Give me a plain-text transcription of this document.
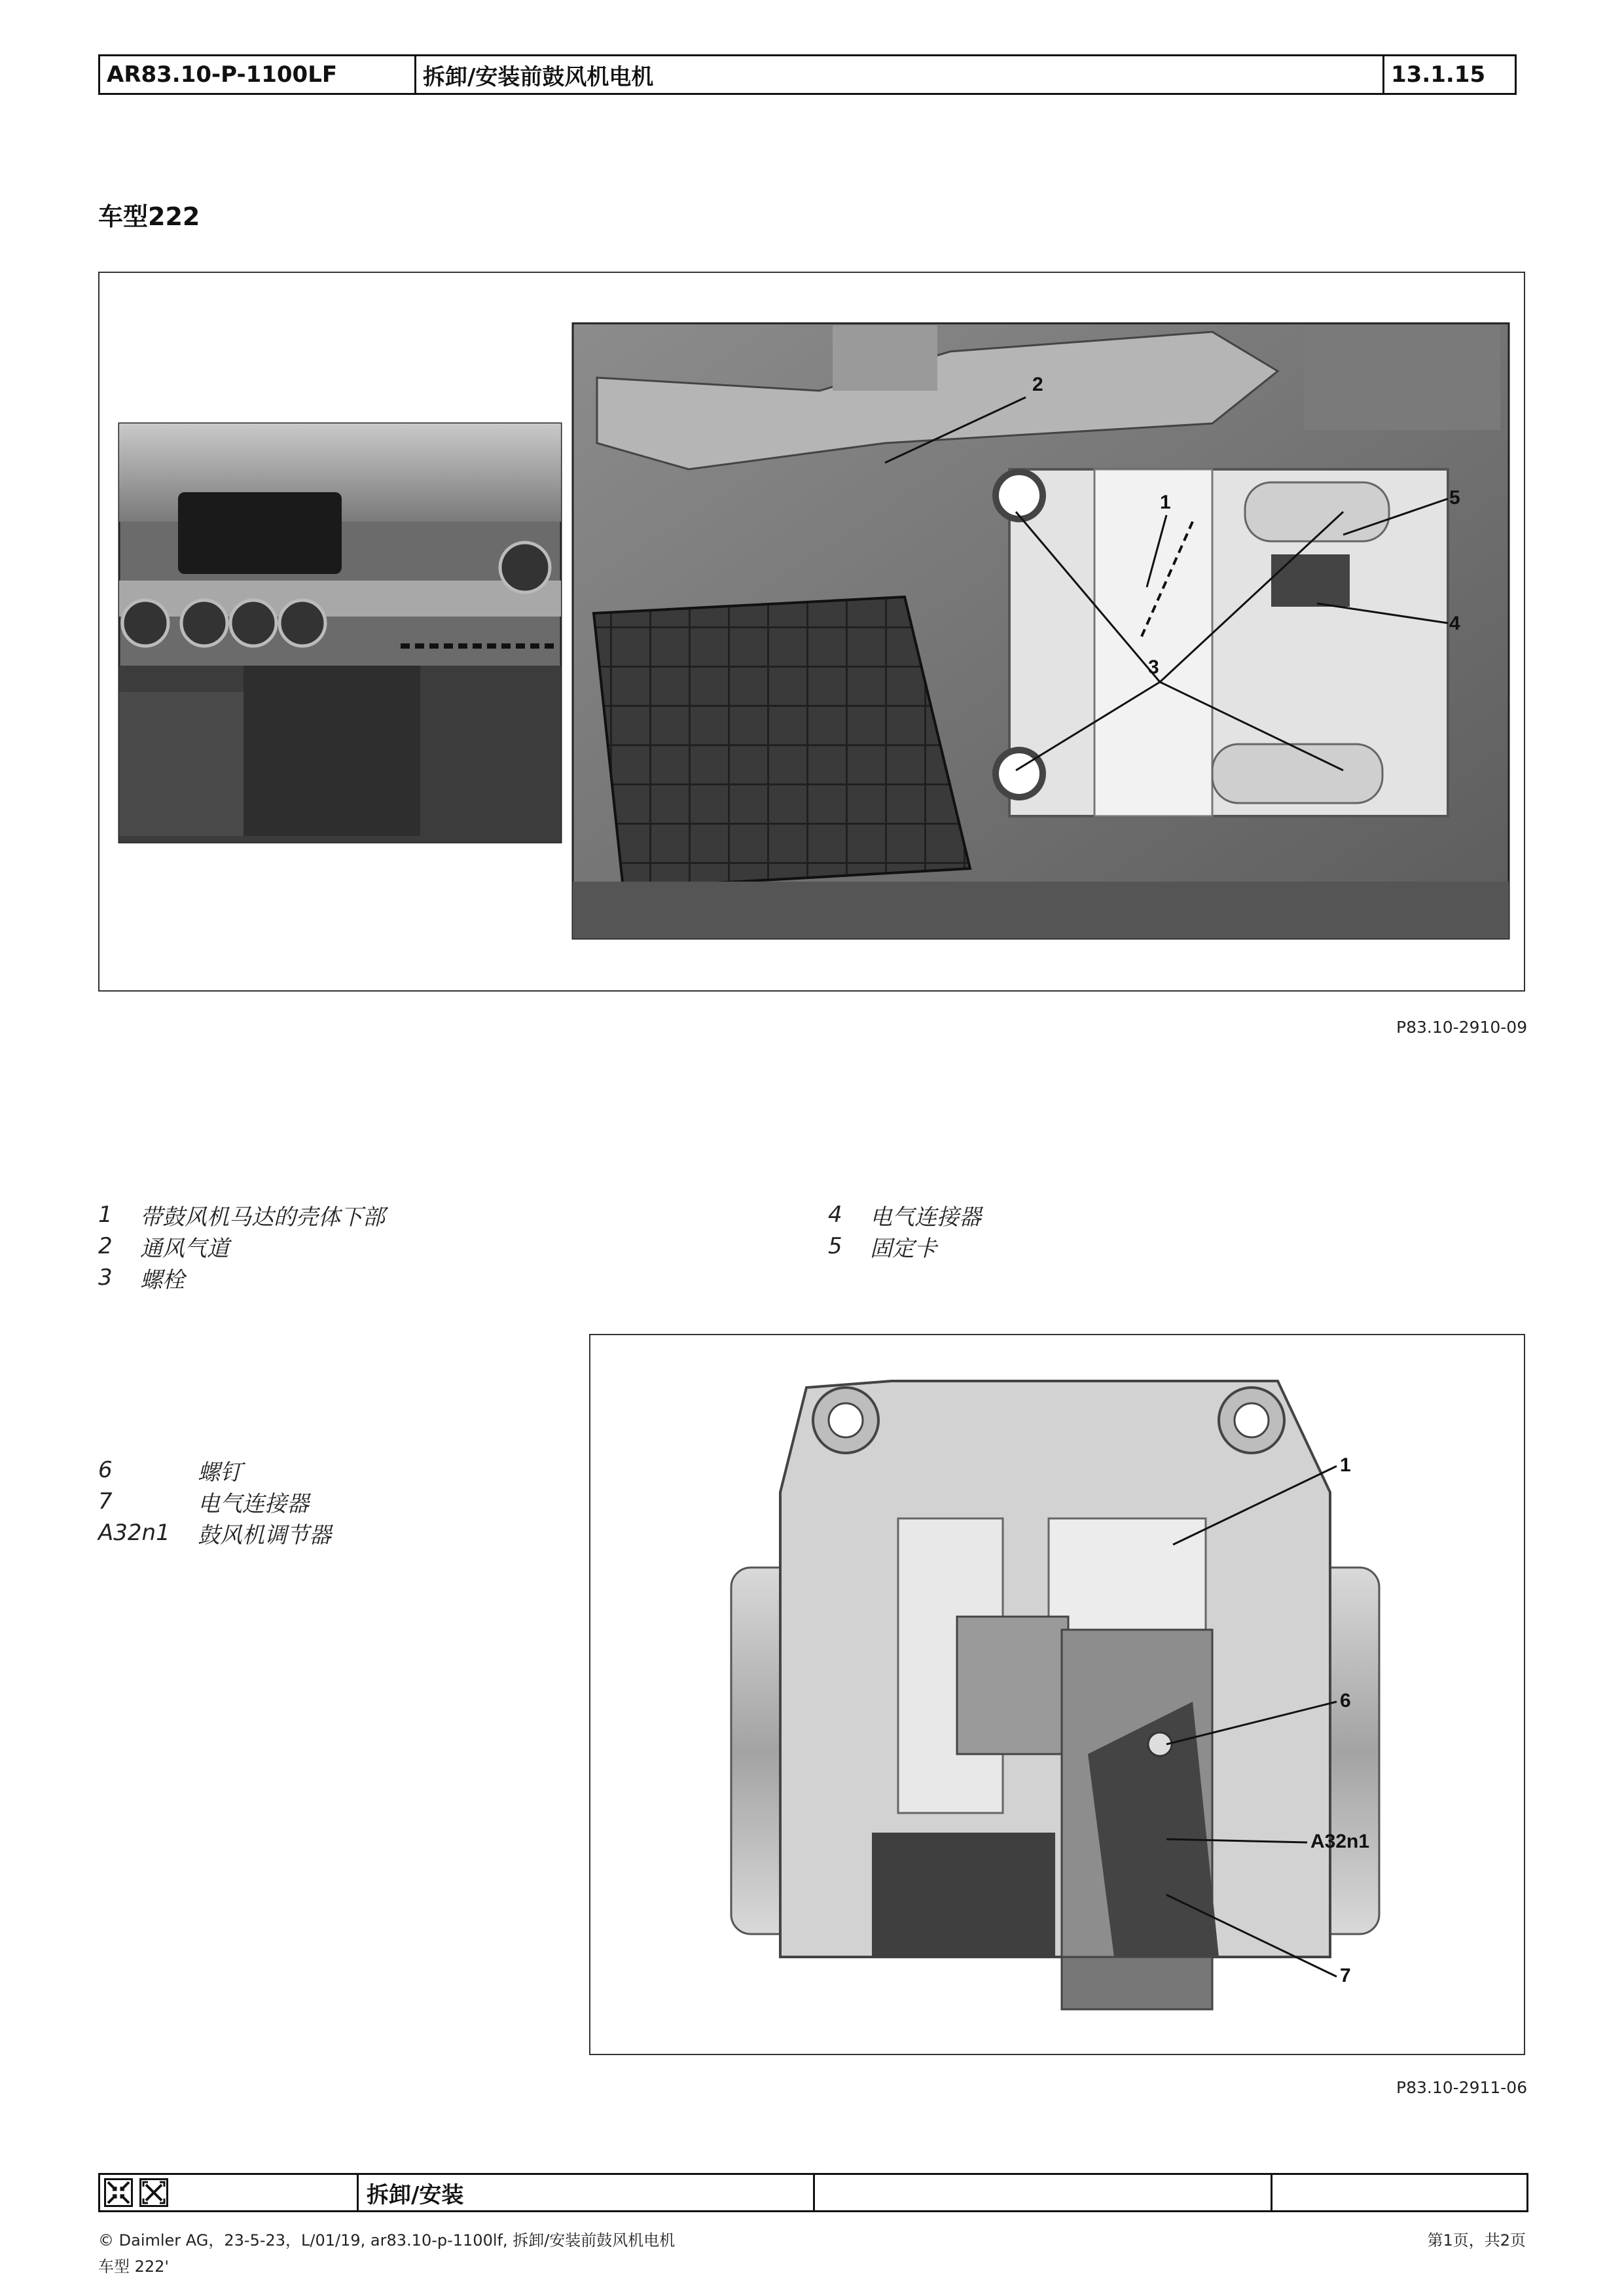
AR83.10-P-1100LF	拆卸/安装前鼓风机电机	13.1.15
车型222
2
1
3
5
4
P83.10-2910-09
1	带鼓风机马达的壳体下部
2	通风气道
3	螺栓
4	电气连接器
5	固定卡
6	螺钉
7	电气连接器
A32n1	鼓风机调节器
1
6
A32n1
7
P83.10-2911-06
拆卸/安装
© Daimler AG，23-5-23，L/01/19, ar83.10-p-1100lf, 拆卸/安装前鼓风机电机	第1页，共2页
车型 222'
